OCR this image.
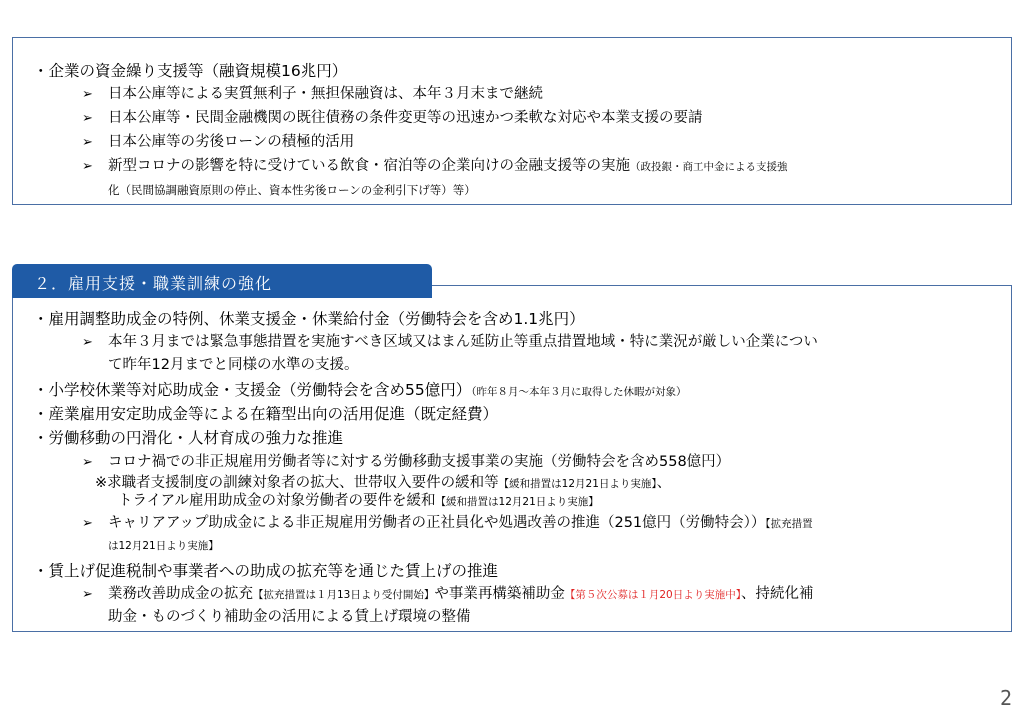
・企業の資金繰り支援等（融資規模16兆円）
➢ 日本公庫等による実質無利子・無担保融資は、本年３月末まで継続
➢ 日本公庫等・民間金融機関の既往債務の条件変更等の迅速かつ柔軟な対応や本業支援の要請
➢ 日本公庫等の劣後ローンの積極的活用
➢ 新型コロナの影響を特に受けている飲食・宿泊等の企業向けの金融支援等の実施（政投銀・商工中金による支援強
化（民間協調融資原則の停止、資本性劣後ローンの金利引下げ等）等）
２．雇用支援・職業訓練の強化
・雇用調整助成金の特例、休業支援金・休業給付金（労働特会を含め1.1兆円）
➢ 本年３月までは緊急事態措置を実施すべき区域又はまん延防止等重点措置地域・特に業況が厳しい企業につい
て昨年12月までと同様の水準の支援。
・小学校休業等対応助成金・支援金（労働特会を含め55億円）（昨年８月～本年３月に取得した休暇が対象）
・産業雇用安定助成金等による在籍型出向の活用促進（既定経費）
・労働移動の円滑化・人材育成の強力な推進
➢ コロナ禍での非正規雇用労働者等に対する労働移動支援事業の実施（労働特会を含め558億円）
※求職者支援制度の訓練対象者の拡大、世帯収入要件の緩和等【緩和措置は12月21日より実施】、
トライアル雇用助成金の対象労働者の要件を緩和【緩和措置は12月21日より実施】
➢ キャリアアップ助成金による非正規雇用労働者の正社員化や処遇改善の推進（251億円（労働特会））【拡充措置
は12月21日より実施】
・賃上げ促進税制や事業者への助成の拡充等を通じた賃上げの推進
➢ 業務改善助成金の拡充【拡充措置は１月13日より受付開始】や事業再構築補助金【第５次公募は１月20日より実施中】、持続化補
助金・ものづくり補助金の活用による賃上げ環境の整備
2
